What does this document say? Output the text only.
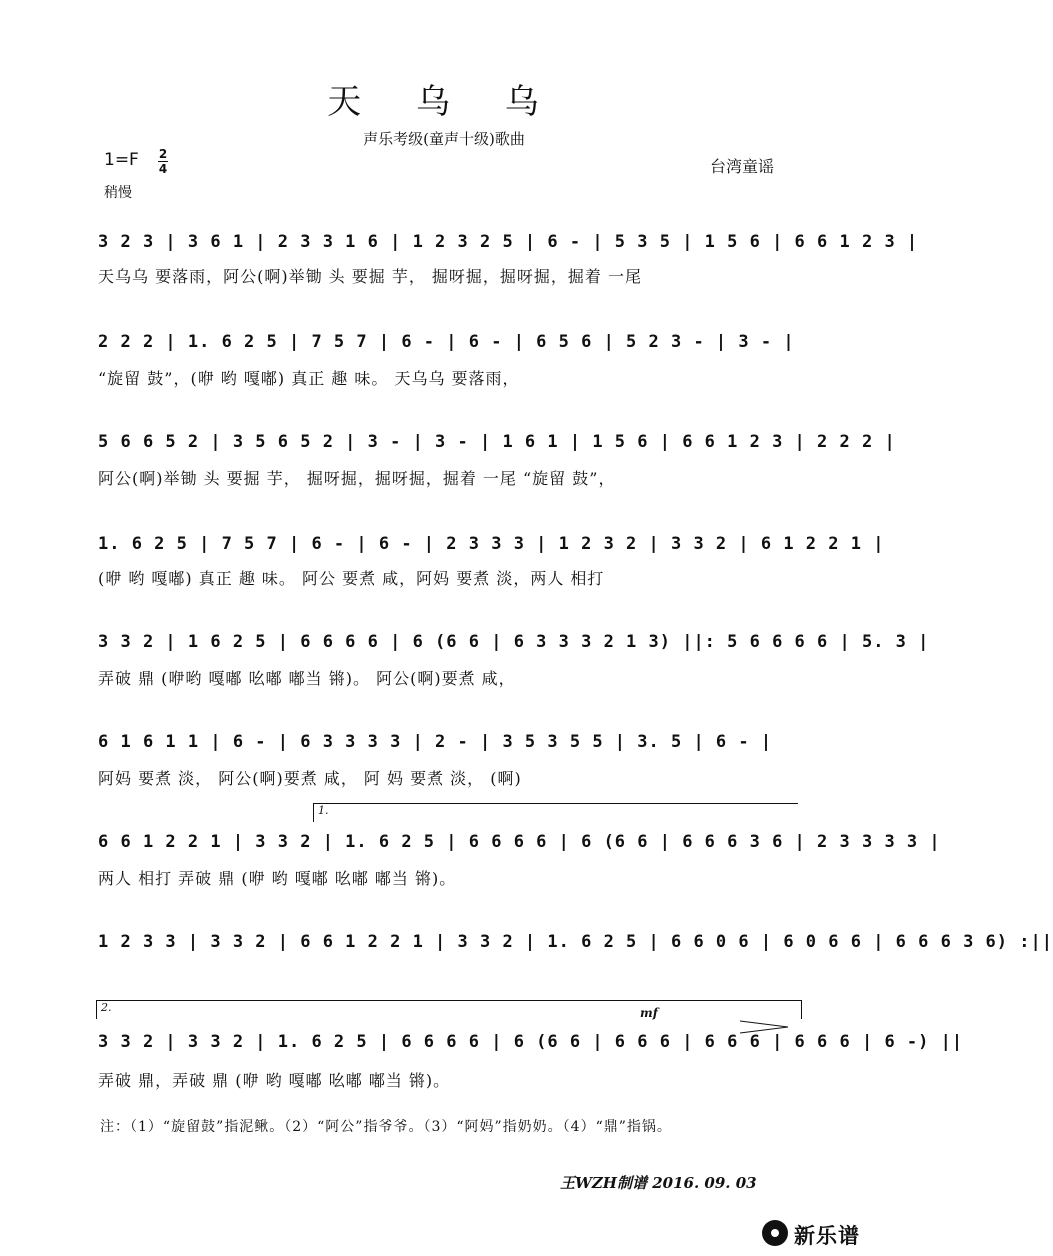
天 乌 乌
声乐考级(童声十级)歌曲
1=F 2
4	台湾童谣
稍慢
3 2 3 | 3 6 1 | 2 3 3 1 6 | 1 2 3 2 5 | 6 - | 5 3 5 | 1 5 6 | 6 6 1 2 3 |
天乌乌 要落雨，阿公(啊)举锄 头 要掘 芋， 掘呀掘，掘呀掘，掘着 一尾
2 2 2 | 1. 6 2 5 | 7 5 7 | 6 - | 6 - | 6 5 6 | 5 2 3 - | 3 - |
“旋留 鼓”，(咿 哟 嘎嘟) 真正 趣 味。 天乌乌 要落雨，
5 6 6 5 2 | 3 5 6 5 2 | 3 - | 3 - | 1 6 1 | 1 5 6 | 6 6 1 2 3 | 2 2 2 |
阿公(啊)举锄 头 要掘 芋， 掘呀掘，掘呀掘，掘着 一尾 “旋留 鼓”，
1. 6 2 5 | 7 5 7 | 6 - | 6 - | 2 3 3 3 | 1 2 3 2 | 3 3 2 | 6 1 2 2 1 |
(咿 哟 嘎嘟) 真正 趣 味。 阿公 要煮 咸，阿妈 要煮 淡，两人 相打
3 3 2 | 1 6 2 5 | 6 6 6 6 | 6 (6 6 | 6 3 3 3 2 1 3) ||: 5 6 6 6 6 | 5. 3 |
弄破 鼎 (咿哟 嘎嘟 吆嘟 嘟当 锵)。 阿公(啊)要煮 咸，
6 1 6 1 1 | 6 - | 6 3 3 3 3 | 2 - | 3 5 3 5 5 | 3. 5 | 6 - |
阿妈 要煮 淡， 阿公(啊)要煮 咸， 阿 妈 要煮 淡， (啊)
1.
6 6 1 2 2 1 | 3 3 2 | 1. 6 2 5 | 6 6 6 6 | 6 (6 6 | 6 6 6 3 6 | 2 3 3 3 3 |
两人 相打 弄破 鼎 (咿 哟 嘎嘟 吆嘟 嘟当 锵)。
1 2 3 3 | 3 3 2 | 6 6 1 2 2 1 | 3 3 2 | 1. 6 2 5 | 6 6 0 6 | 6 0 6 6 | 6 6 6 3 6) :||
2.	mf
3 3 2 | 3 3 2 | 1. 6 2 5 | 6 6 6 6 | 6 (6 6 | 6 6 6 | 6 6 6 | 6 6 6 | 6 -) ||
弄破 鼎，弄破 鼎 (咿 哟 嘎嘟 吆嘟 嘟当 锵)。
注：（1）“旋留鼓”指泥鳅。（2）“阿公”指爷爷。（3）“阿妈”指奶奶。（4）“鼎”指锅。
王WZH制谱 2016. 09. 03
新乐谱
